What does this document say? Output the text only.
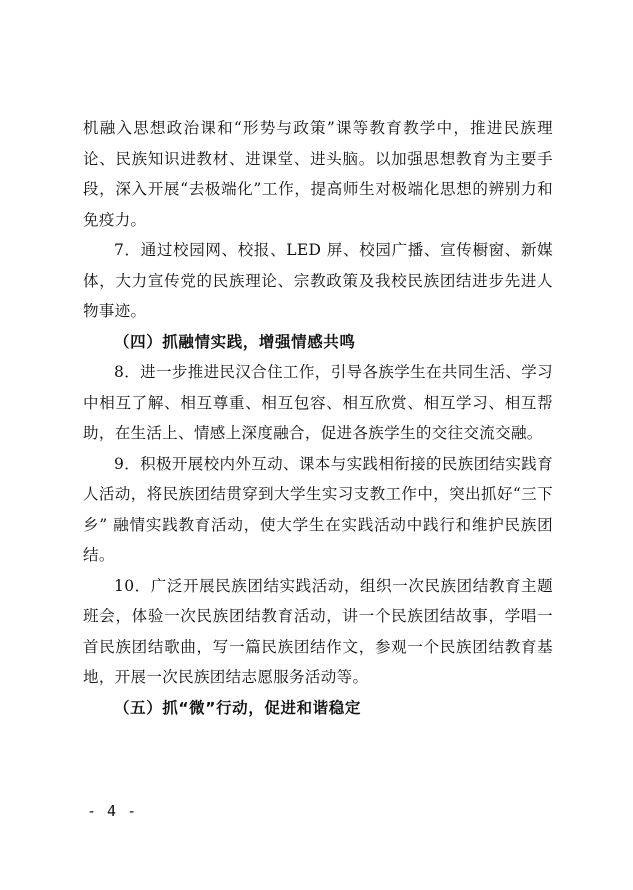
机融入思想政治课和“形势与政策”课等教育教学中，推进民族理论、民族知识进教材、进课堂、进头脑。以加强思想教育为主要手段，深入开展“去极端化”工作，提高师生对极端化思想的辨别力和免疫力。

7．通过校园网、校报、LED 屏、校园广播、宣传橱窗、新媒体，大力宣传党的民族理论、宗教政策及我校民族团结进步先进人物事迹。

（四）抓融情实践，增强情感共鸣

8．进一步推进民汉合住工作，引导各族学生在共同生活、学习中相互了解、相互尊重、相互包容、相互欣赏、相互学习、相互帮助，在生活上、情感上深度融合，促进各族学生的交往交流交融。

9．积极开展校内外互动、课本与实践相衔接的民族团结实践育人活动，将民族团结贯穿到大学生实习支教工作中，突出抓好“三下乡” 融情实践教育活动，使大学生在实践活动中践行和维护民族团结。

10．广泛开展民族团结实践活动，组织一次民族团结教育主题班会，体验一次民族团结教育活动，讲一个民族团结故事，学唱一首民族团结歌曲，写一篇民族团结作文，参观一个民族团结教育基地，开展一次民族团结志愿服务活动等。

（五）抓“微”行动，促进和谐稳定

- 4 -
